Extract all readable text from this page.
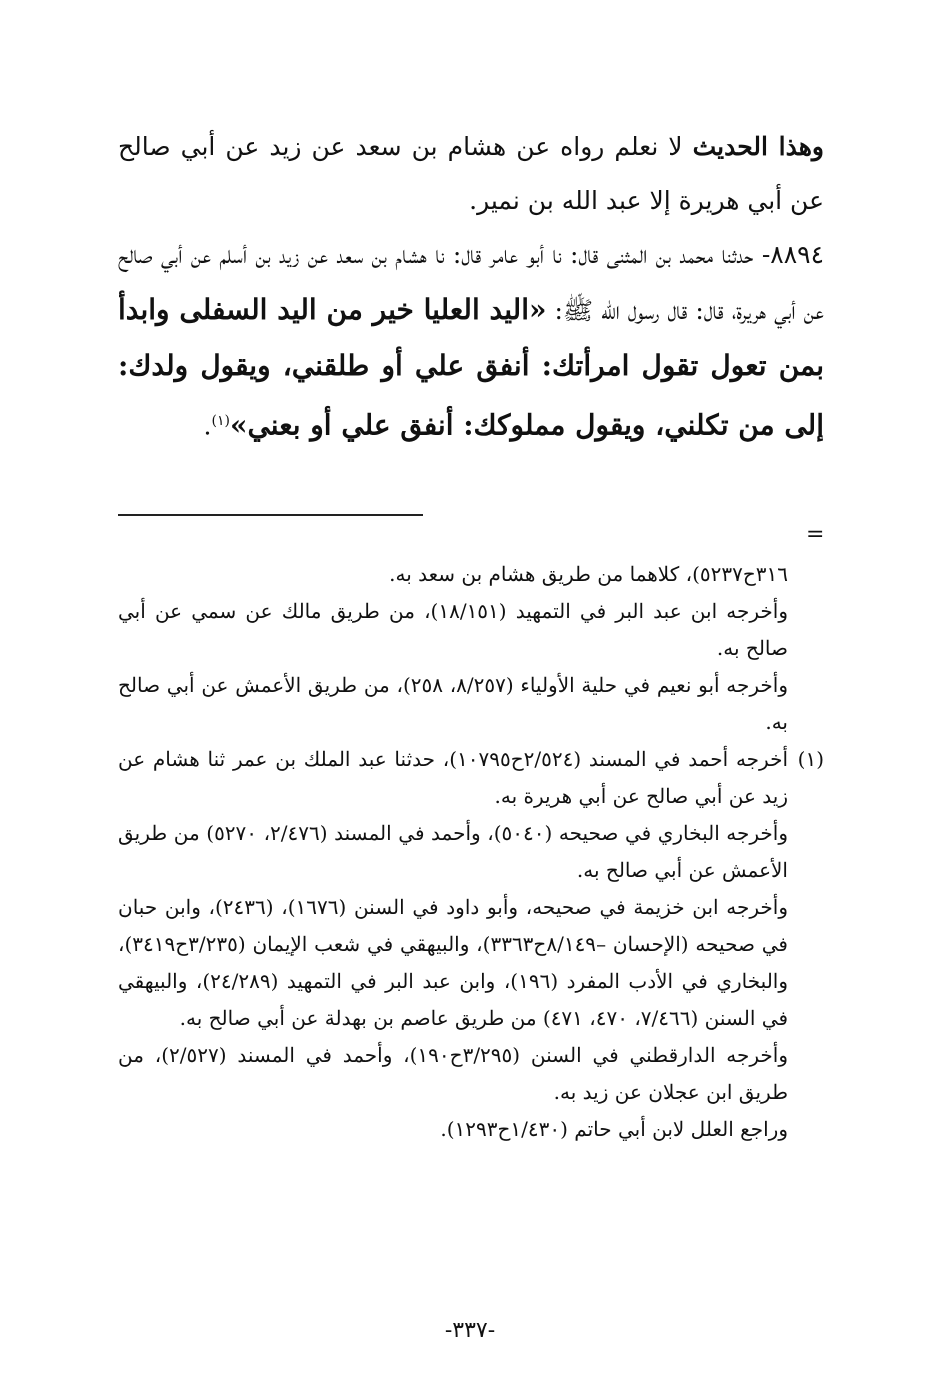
وهذا الحديث لا نعلم رواه عن هشام بن سعد عن زيد عن أبي صالح عن أبي هريرة إلا عبد الله بن نمير.

٨٨٩٤- حدثنا محمد بن المثنى قال: نا أبو عامر قال: نا هشام بن سعد عن زيد بن أسلم عن أبي صالح عن أبي هريرة، قال: قال رسول الله ﷺ: «اليد العليا خير من اليد السفلى وابدأ بمن تعول تقول امرأتك: أنفق علي أو طلقني، ويقول ولدك: إلى من تكلني، ويقول مملوكك: أنفق علي أو بعني»$^{(١)}$.

=

٣١٦ح٥٢٣٧)، كلاهما من طريق هشام بن سعد به.

وأخرجه ابن عبد البر في التمهيد (١٨/١٥١)، من طريق مالك عن سمي عن أبي صالح به.

وأخرجه أبو نعيم في حلية الأولياء (٨/٢٥٧، ٢٥٨)، من طريق الأعمش عن أبي صالح به.

(١)أخرجه أحمد في المسند (٢/٥٢٤ح١٠٧٩٥)، حدثنا عبد الملك بن عمر ثنا هشام عن زيد عن أبي صالح عن أبي هريرة به.

وأخرجه البخاري في صحيحه (٥٠٤٠)، وأحمد في المسند (٢/٤٧٦، ٥٢٧٠) من طريق الأعمش عن أبي صالح به.

وأخرجه ابن خزيمة في صحيحه، وأبو داود في السنن (١٦٧٦)، (٢٤٣٦)، وابن حبان في صحيحه (الإحسان –٨/١٤٩ح٣٣٦٣)، والبيهقي في شعب الإيمان (٣/٢٣٥ح٣٤١٩)، والبخاري في الأدب المفرد (١٩٦)، وابن عبد البر في التمهيد (٢٤/٢٨٩)، والبيهقي في السنن (٧/٤٦٦، ٤٧٠، ٤٧١) من طريق عاصم بن بهدلة عن أبي صالح به.

وأخرجه الدارقطني في السنن (٣/٢٩٥ح١٩٠)، وأحمد في المسند (٢/٥٢٧)، من طريق ابن عجلان عن زيد به.

وراجع العلل لابن أبي حاتم (١/٤٣٠ح١٢٩٣).

-٣٣٧-
